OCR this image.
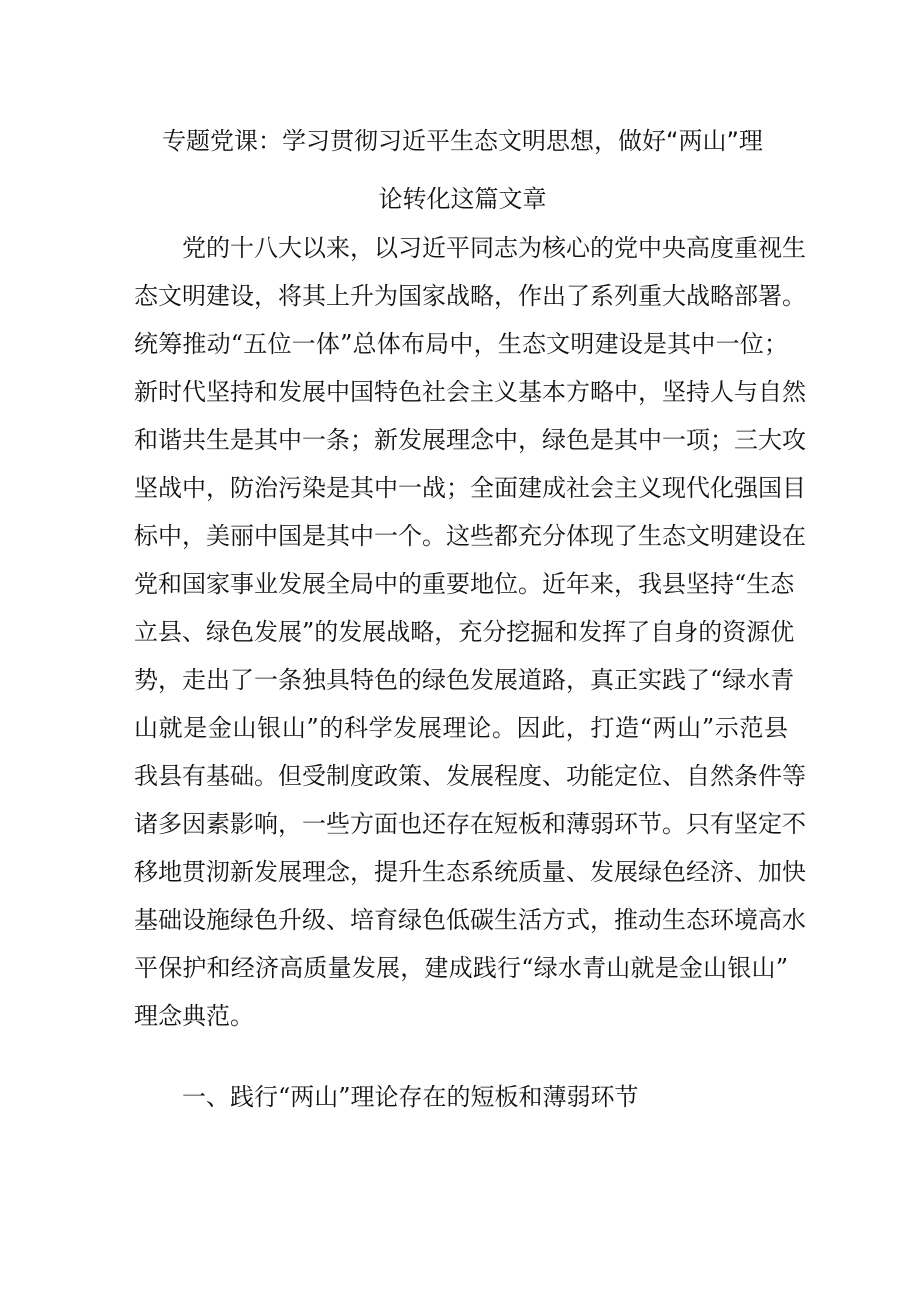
专题党课：学习贯彻习近平生态文明思想，做好“两山”理
论转化这篇文章
党的十八大以来，以习近平同志为核心的党中央高度重视生
态文明建设，将其上升为国家战略，作出了系列重大战略部署。
统筹推动“五位一体”总体布局中，生态文明建设是其中一位；
新时代坚持和发展中国特色社会主义基本方略中，坚持人与自然
和谐共生是其中一条；新发展理念中，绿色是其中一项；三大攻
坚战中，防治污染是其中一战；全面建成社会主义现代化强国目
标中，美丽中国是其中一个。这些都充分体现了生态文明建设在
党和国家事业发展全局中的重要地位。近年来，我县坚持“生态
立县、绿色发展”的发展战略，充分挖掘和发挥了自身的资源优
势，走出了一条独具特色的绿色发展道路，真正实践了“绿水青
山就是金山银山”的科学发展理论。因此，打造“两山”示范县
我县有基础。但受制度政策、发展程度、功能定位、自然条件等
诸多因素影响，一些方面也还存在短板和薄弱环节。只有坚定不
移地贯沏新发展理念，提升生态系统质量、发展绿色经济、加快
基础设施绿色升级、培育绿色低碳生活方式，推动生态环境高水
平保护和经济高质量发展，建成践行“绿水青山就是金山银山”
理念典范。
一、践行“两山”理论存在的短板和薄弱环节
